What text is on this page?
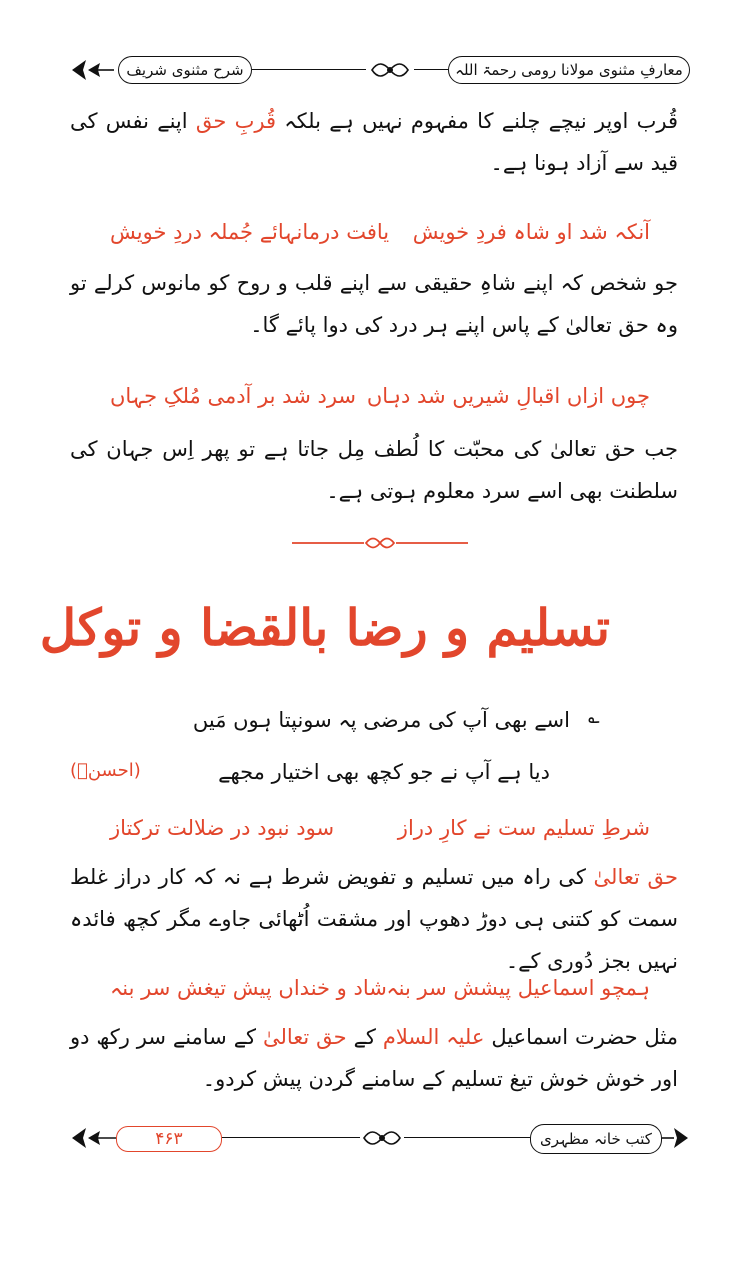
شرح مثنوی شریف	معارفِ مثنوی مولانا رومی رحمۃ اللہ
قُرب اوپر نیچے چلنے کا مفہوم نہیں ہے بلکہ قُربِ حق اپنے نفس کی قید سے آزاد ہونا ہے۔
آنکہ شد او شاہ فردِ خویش
یافت درمانہائے جُملہ دردِ خویش
جو شخص کہ اپنے شاہِ حقیقی سے اپنے قلب و روح کو مانوس کرلے تو وہ حق تعالیٰ کے پاس اپنے ہر درد کی دوا پائے گا۔
چوں ازاں اقبالِ شیریں شد دہاں
سرد شد بر آدمی مُلکِ جہاں
جب حق تعالیٰ کی محبّت کا لُطف مِل جاتا ہے تو پھر اِس جہان کی سلطنت بھی اسے سرد معلوم ہوتی ہے۔
تسلیم و رضا بالقضا و توکل
؎
اسے بھی آپ کی مرضی پہ سونپتا ہوں مَیں
دیا ہے آپ نے جو کچھ بھی اختیار مجھے
(احسنؔ)
شرطِ تسلیم ست نے کارِ دراز
سود نبود در ضلالت ترکتاز
حق تعالیٰ کی راہ میں تسلیم و تفویض شرط ہے نہ کہ کار دراز غلط سمت کو کتنی ہی دوڑ دھوپ اور مشقت اُٹھائی جاوے مگر کچھ فائدہ نہیں بجز دُوری کے۔
ہمچو اسماعیل پیشش سر بنہ
شاد و خنداں پیش تیغش سر بنہ
مثل حضرت اسماعیل علیہ السلام کے حق تعالیٰ کے سامنے سر رکھ دو اور خوش خوش تیغ تسلیم کے سامنے گردن پیش کردو۔
۴۶۳	کتب خانہ مظہری
